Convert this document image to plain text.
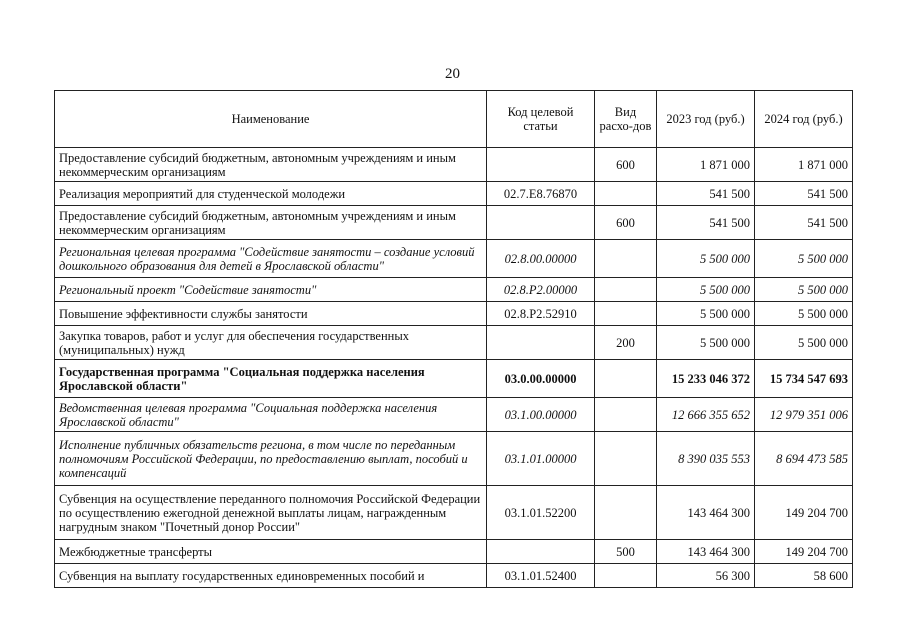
20
Наименование	Код целевой статьи	Вид расхо-дов	2023 год (руб.)	2024 год (руб.)
Предоставление субсидий бюджетным, автономным учреждениям и иным некоммерческим организациям		600	1 871 000	1 871 000
Реализация мероприятий для студенческой молодежи	02.7.E8.76870		541 500	541 500
Предоставление субсидий бюджетным, автономным учреждениям и иным некоммерческим организациям		600	541 500	541 500
Региональная целевая программа "Содействие занятости – создание условий дошкольного образования для детей в Ярославской области"	02.8.00.00000		5 500 000	5 500 000
Региональный проект "Содействие занятости"	02.8.P2.00000		5 500 000	5 500 000
Повышение эффективности службы занятости	02.8.P2.52910		5 500 000	5 500 000
Закупка товаров, работ и услуг для обеспечения государственных (муниципальных) нужд		200	5 500 000	5 500 000
Государственная программа "Социальная поддержка населения Ярославской области"	03.0.00.00000		15 233 046 372	15 734 547 693
Ведомственная целевая программа "Социальная поддержка населения Ярославской области"	03.1.00.00000		12 666 355 652	12 979 351 006
Исполнение публичных обязательств региона, в том числе по переданным полномочиям Российской Федерации, по предоставлению выплат, пособий и компенсаций	03.1.01.00000		8 390 035 553	8 694 473 585
Субвенция на осуществление переданного полномочия Российской Федерации по осуществлению ежегодной денежной выплаты лицам, награжденным нагрудным знаком "Почетный донор России"	03.1.01.52200		143 464 300	149 204 700
Межбюджетные трансферты		500	143 464 300	149 204 700
Субвенция на выплату государственных единовременных пособий и	03.1.01.52400		56 300	58 600
